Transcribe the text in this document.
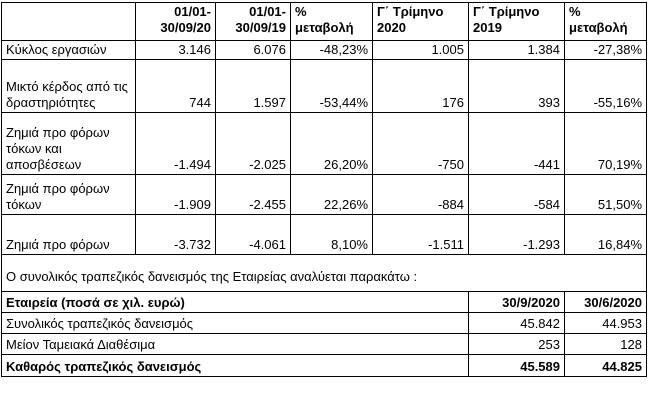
	01/01-30/09/20	01/01-30/09/19	% μεταβολή	Γ΄ Τρίμηνο 2020	Γ΄ Τρίμηνο 2019	% μεταβολή
Κύκλος εργασιών	3.146	6.076	-48,23%	1.005	1.384	-27,38%
Μικτό κέρδος από τις δραστηριότητες	744	1.597	-53,44%	176	393	-55,16%
Ζημιά προ φόρων τόκων και αποσβέσεων	-1.494	-2.025	26,20%	-750	-441	70,19%
Ζημιά προ φόρων τόκων	-1.909	-2.455	22,26%	-884	-584	51,50%
Ζημιά προ φόρων	-3.732	-4.061	8,10%	-1.511	-1.293	16,84%
Ο συνολικός τραπεζικός δανεισμός της Εταιρείας αναλύεται παρακάτω :						
Εταιρεία (ποσά σε χιλ. ευρώ)					30/9/2020	30/6/2020
Συνολικός τραπεζικός δανεισμός					45.842	44.953
Μείον Ταμειακά Διαθέσιμα					253	128
Καθαρός τραπεζικός δανεισμός					45.589	44.825
